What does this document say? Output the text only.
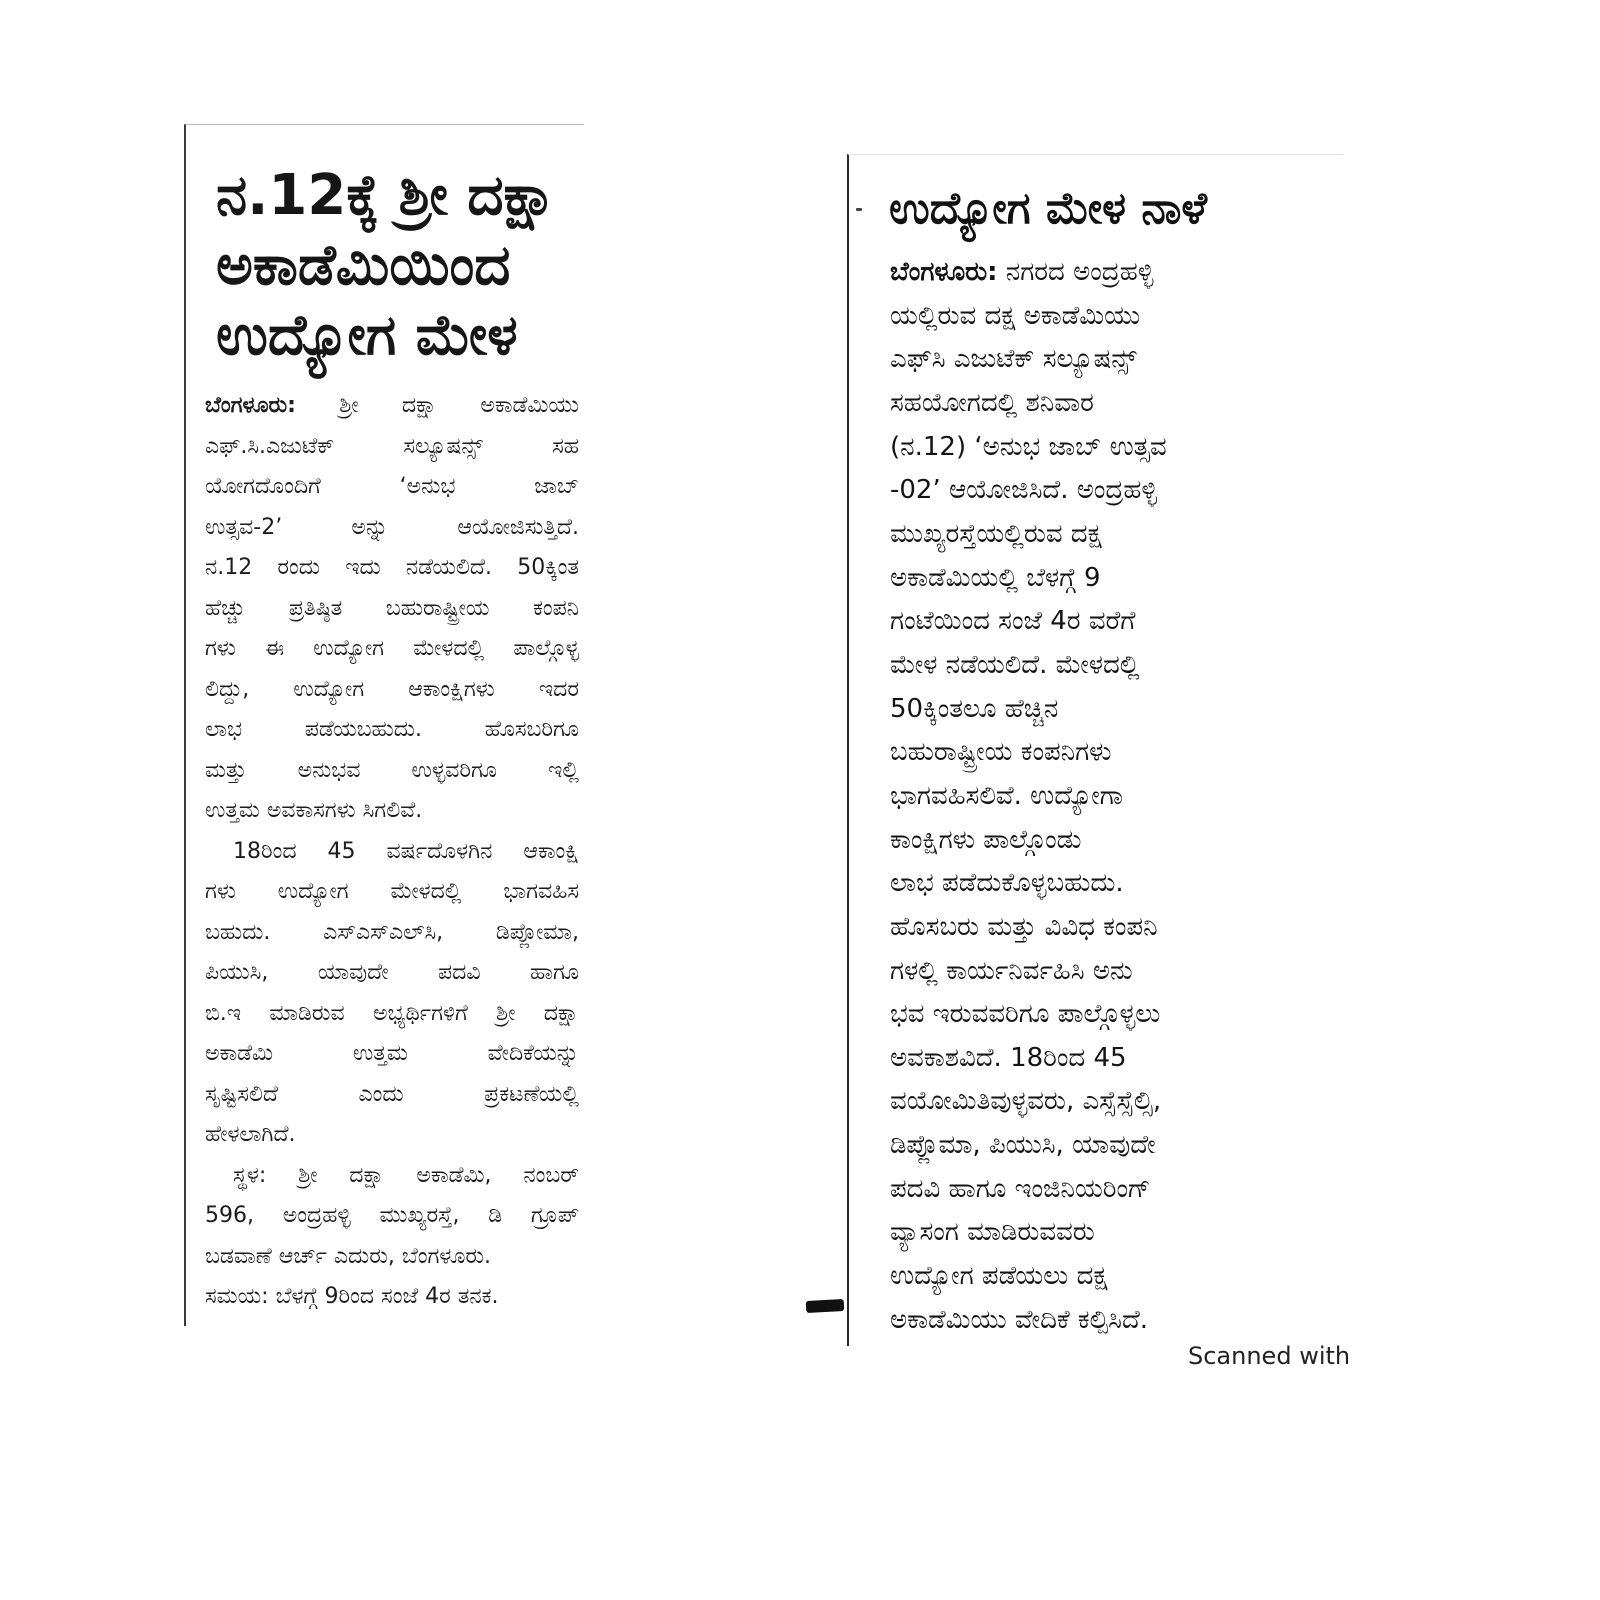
ನ.12ಕ್ಕೆ ಶ್ರೀ ದಕ್ಷಾ
ಅಕಾಡೆಮಿಯಿಂದ
ಉದ್ಯೋಗ ಮೇಳ

ಬೆಂಗಳೂರು: ಶ್ರೀ ದಕ್ಷಾ ಅಕಾಡೆಮಿಯು
ಎಫ್.ಸಿ.ಎಜುಟೆಕ್ ಸಲ್ಯೂಷನ್ಸ್ ಸಹ
ಯೋಗದೊಂದಿಗೆ ‘ಅನುಭ ಜಾಬ್
ಉತ್ಸವ-2’ ಅನ್ನು ಆಯೋಜಿಸುತ್ತಿದೆ.
ನ.12 ರಂದು ಇದು ನಡೆಯಲಿದೆ. 50ಕ್ಕಿಂತ
ಹೆಚ್ಚು ಪ್ರತಿಷ್ಠಿತ ಬಹುರಾಷ್ಟ್ರೀಯ ಕಂಪನಿ
ಗಳು ಈ ಉದ್ಯೋಗ ಮೇಳದಲ್ಲಿ ಪಾಲ್ಗೊಳ್ಳ
ಲಿದ್ದು, ಉದ್ಯೋಗ ಆಕಾಂಕ್ಷಿಗಳು ಇದರ
ಲಾಭ ಪಡೆಯಬಹುದು. ಹೊಸಬರಿಗೂ
ಮತ್ತು ಅನುಭವ ಉಳ್ಳವರಿಗೂ ಇಲ್ಲಿ
ಉತ್ತಮ ಅವಕಾಸಗಳು ಸಿಗಲಿವೆ.

18ರಿಂದ 45 ವರ್ಷದೊಳಗಿನ ಆಕಾಂಕ್ಷಿ
ಗಳು ಉದ್ಯೋಗ ಮೇಳದಲ್ಲಿ ಭಾಗವಹಿಸ
ಬಹುದು. ಎಸ್‌ಎಸ್‌ಎಲ್‌ಸಿ, ಡಿಪ್ಲೋಮಾ,
ಪಿಯುಸಿ, ಯಾವುದೇ ಪದವಿ ಹಾಗೂ
ಬಿ.ಇ ಮಾಡಿರುವ ಅಭ್ಯರ್ಥಿಗಳಿಗೆ ಶ್ರೀ ದಕ್ಷಾ
ಅಕಾಡೆಮಿ ಉತ್ತಮ ವೇದಿಕೆಯನ್ನು
ಸೃಷ್ಟಿಸಲಿದೆ ಎಂದು ಪ್ರಕಟಣೆಯಲ್ಲಿ
ಹೇಳಲಾಗಿದೆ.

ಸ್ಥಳ: ಶ್ರೀ ದಕ್ಷಾ ಅಕಾಡೆಮಿ, ನಂಬರ್
596, ಅಂದ್ರಹಳ್ಳಿ ಮುಖ್ಯರಸ್ತೆ, ಡಿ ಗ್ರೂಪ್
ಬಡವಾಣೆ ಆರ್ಚ್ ಎದುರು, ಬೆಂಗಳೂರು.
ಸಮಯ: ಬೆಳಗ್ಗೆ 9ರಿಂದ ಸಂಜೆ 4ರ ತನಕ.

ಉದ್ಯೋಗ ಮೇಳ ನಾಳೆ
ಬೆಂಗಳೂರು: ನಗರದ ಅಂದ್ರಹಳ್ಳಿ
ಯಲ್ಲಿರುವ ದಕ್ಷ ಅಕಾಡೆಮಿಯು
ಎಫ್‌ಸಿ ಎಜುಟೆಕ್ ಸಲ್ಯೂಷನ್ಸ್
ಸಹಯೋಗದಲ್ಲಿ ಶನಿವಾರ
(ನ.12) ‘ಅನುಭ ಜಾಬ್ ಉತ್ಸವ
-02’ ಆಯೋಜಿಸಿದೆ. ಅಂದ್ರಹಳ್ಳಿ
ಮುಖ್ಯರಸ್ತೆಯಲ್ಲಿರುವ ದಕ್ಷ
ಅಕಾಡೆಮಿಯಲ್ಲಿ ಬೆಳಗ್ಗೆ 9
ಗಂಟೆಯಿಂದ ಸಂಜೆ 4ರ ವರೆಗೆ
ಮೇಳ ನಡೆಯಲಿದೆ. ಮೇಳದಲ್ಲಿ
50ಕ್ಕಿಂತಲೂ ಹೆಚ್ಚಿನ
ಬಹುರಾಷ್ಟ್ರೀಯ ಕಂಪನಿಗಳು
ಭಾಗವಹಿಸಲಿವೆ. ಉದ್ಯೋಗಾ
ಕಾಂಕ್ಷಿಗಳು ಪಾಲ್ಗೊಂಡು
ಲಾಭ ಪಡೆದುಕೊಳ್ಳಬಹುದು.
ಹೊಸಬರು ಮತ್ತು ವಿವಿಧ ಕಂಪನಿ
ಗಳಲ್ಲಿ ಕಾರ್ಯನಿರ್ವಹಿಸಿ ಅನು
ಭವ ಇರುವವರಿಗೂ ಪಾಲ್ಗೊಳ್ಳಲು
ಅವಕಾಶವಿದೆ. 18ರಿಂದ 45
ವಯೋಮಿತಿವುಳ್ಳವರು, ಎಸ್ಸೆಸ್ಸೆಲ್ಸಿ,
ಡಿಪ್ಲೊಮಾ, ಪಿಯುಸಿ, ಯಾವುದೇ
ಪದವಿ ಹಾಗೂ ಇಂಜಿನಿಯರಿಂಗ್
ವ್ಯಾಸಂಗ ಮಾಡಿರುವವರು
ಉದ್ಯೋಗ ಪಡೆಯಲು ದಕ್ಷ
ಅಕಾಡೆಮಿಯು ವೇದಿಕೆ ಕಲ್ಪಿಸಿದೆ.
Scanned with
